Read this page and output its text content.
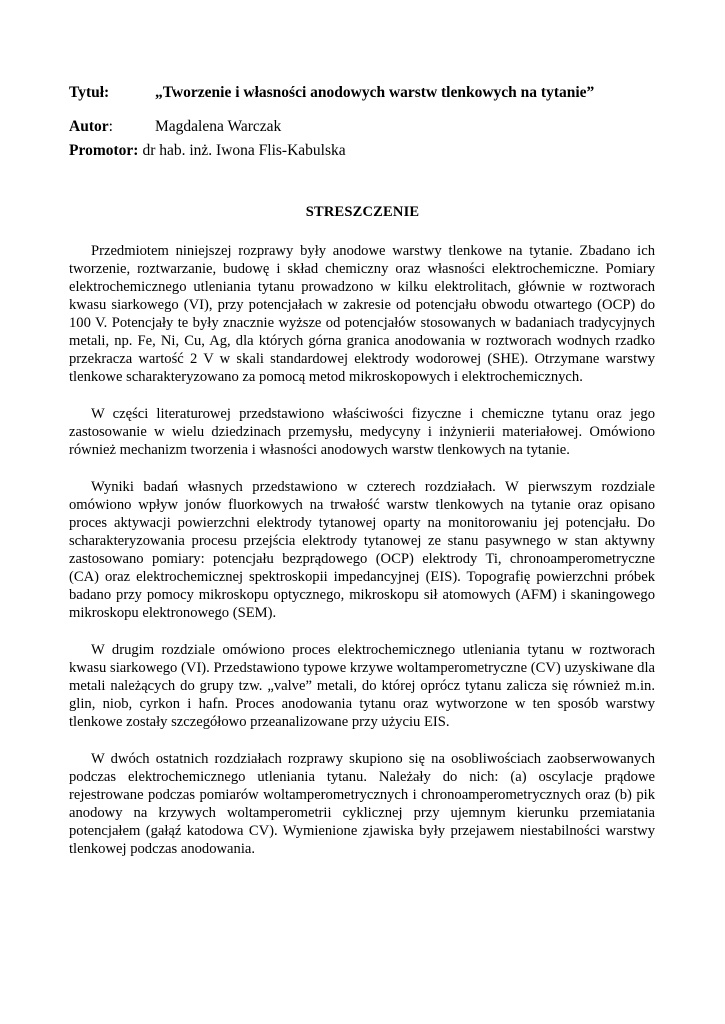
Tytuł:	„Tworzenie i własności anodowych warstw tlenkowych na tytanie”
Autor:	Magdalena Warczak
Promotor: dr hab. inż. Iwona Flis-Kabulska
STRESZCZENIE

Przedmiotem niniejszej rozprawy były anodowe warstwy tlenkowe na tytanie. Zbadano ich tworzenie, roztwarzanie, budowę i skład chemiczny oraz własności elektrochemiczne. Pomiary elektrochemicznego utleniania tytanu prowadzono w kilku elektrolitach, głównie w roztworach kwasu siarkowego (VI), przy potencjałach w zakresie od potencjału obwodu otwartego (OCP) do 100 V. Potencjały te były znacznie wyższe od potencjałów stosowanych w badaniach tradycyjnych metali, np. Fe, Ni, Cu, Ag, dla których górna granica anodowania w roztworach wodnych rzadko przekracza wartość 2 V w skali standardowej elektrody wodorowej (SHE). Otrzymane warstwy tlenkowe scharakteryzowano za pomocą metod mikroskopowych i elektrochemicznych.

W części literaturowej przedstawiono właściwości fizyczne i chemiczne tytanu oraz jego zastosowanie w wielu dziedzinach przemysłu, medycyny i inżynierii materiałowej. Omówiono również mechanizm tworzenia i własności anodowych warstw tlenkowych na tytanie.

Wyniki badań własnych przedstawiono w czterech rozdziałach. W pierwszym rozdziale omówiono wpływ jonów fluorkowych na trwałość warstw tlenkowych na tytanie oraz opisano proces aktywacji powierzchni elektrody tytanowej oparty na monitorowaniu jej potencjału. Do scharakteryzowania procesu przejścia elektrody tytanowej ze stanu pasywnego w stan aktywny zastosowano pomiary: potencjału bezprądowego (OCP) elektrody Ti, chronoamperometryczne (CA) oraz elektrochemicznej spektroskopii impedancyjnej (EIS). Topografię powierzchni próbek badano przy pomocy mikroskopu optycznego, mikroskopu sił atomowych (AFM) i skaningowego mikroskopu elektronowego (SEM).

W drugim rozdziale omówiono proces elektrochemicznego utleniania tytanu w roztworach kwasu siarkowego (VI). Przedstawiono typowe krzywe woltamperometryczne (CV) uzyskiwane dla metali należących do grupy tzw. „valve” metali, do której oprócz tytanu zalicza się również m.in. glin, niob, cyrkon i hafn. Proces anodowania tytanu oraz wytworzone w ten sposób warstwy tlenkowe zostały szczegółowo przeanalizowane przy użyciu EIS.

W dwóch ostatnich rozdziałach rozprawy skupiono się na osobliwościach zaobserwowanych podczas elektrochemicznego utleniania tytanu. Należały do nich: (a) oscylacje prądowe rejestrowane podczas pomiarów woltamperometrycznych i chronoamperometrycznych oraz (b) pik anodowy na krzywych woltamperometrii cyklicznej przy ujemnym kierunku przemiatania potencjałem (gałąź katodowa CV). Wymienione zjawiska były przejawem niestabilności warstwy tlenkowej podczas anodowania.
